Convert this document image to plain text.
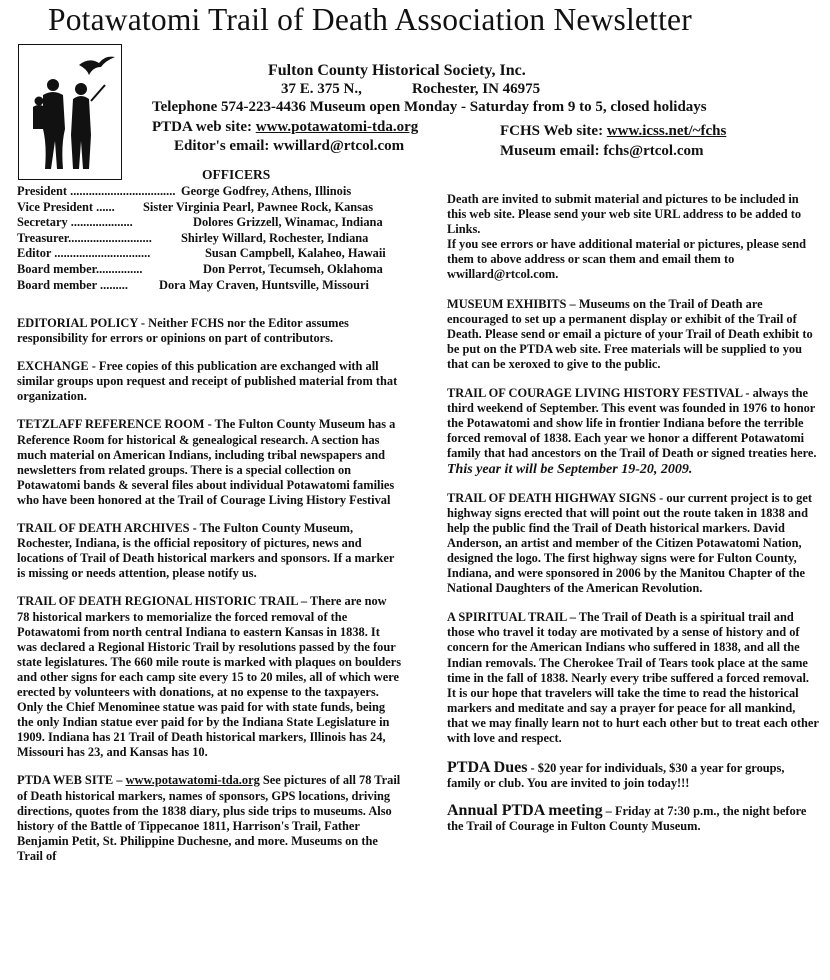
Potawatomi Trail of Death Association Newsletter
Fulton County Historical Society, Inc.
37 E. 375 N.,	Rochester, IN 46975
Telephone 574-223-4436 Museum open Monday - Saturday from 9 to 5, closed holidays
PTDA web site: www.potawatomi-tda.org	FCHS Web site: www.icss.net/~fchs
Editor's email: wwillard@rtcol.com	Museum email: fchs@rtcol.com
OFFICERS
President .................................. George Godfrey, Athens, Illinois
Vice President ......	Sister Virginia Pearl, Pawnee Rock, Kansas
Secretary ....................	Dolores Grizzell, Winamac, Indiana
Treasurer...........................	Shirley Willard, Rochester, Indiana
Editor ...............................	Susan Campbell, Kalaheo, Hawaii
Board member...............	Don Perrot, Tecumseh, Oklahoma
Board member .........	Dora May Craven, Huntsville, Missouri

EDITORIAL POLICY - Neither FCHS nor the Editor assumes responsibility for errors or opinions on part of contributors.

EXCHANGE - Free copies of this publication are exchanged with all similar groups upon request and receipt of published material from that organization.

TETZLAFF REFERENCE ROOM - The Fulton County Museum has a Reference Room for historical & genealogical research. A section has much material on American Indians, including tribal newspapers and newsletters from related groups. There is a special collection on Potawatomi bands & several files about individual Potawatomi families who have been honored at the Trail of Courage Living History Festival

TRAIL OF DEATH ARCHIVES - The Fulton County Museum, Rochester, Indiana, is the official repository of pictures, news and locations of Trail of Death historical markers and sponsors. If a marker is missing or needs attention, please notify us.

TRAIL OF DEATH REGIONAL HISTORIC TRAIL – There are now 78 historical markers to memorialize the forced removal of the Potawatomi from north central Indiana to eastern Kansas in 1838. It was declared a Regional Historic Trail by resolutions passed by the four state legislatures. The 660 mile route is marked with plaques on boulders and other signs for each camp site every 15 to 20 miles, all of which were erected by volunteers with donations, at no expense to the taxpayers. Only the Chief Menominee statue was paid for with state funds, being the only Indian statue ever paid for by the Indiana State Legislature in 1909. Indiana has 21 Trail of Death historical markers, Illinois has 24, Missouri has 23, and Kansas has 10.

PTDA WEB SITE – www.potawatomi-tda.org See pictures of all 78 Trail of Death historical markers, names of sponsors, GPS locations, driving directions, quotes from the 1838 diary, plus side trips to museums. Also history of the Battle of Tippecanoe 1811, Harrison's Trail, Father Benjamin Petit, St. Philippine Duchesne, and more. Museums on the Trail of

Death are invited to submit material and pictures to be included in this web site. Please send your web site URL address to be added to Links.

If you see errors or have additional material or pictures, please send them to above address or scan them and email them to wwillard@rtcol.com.

MUSEUM EXHIBITS – Museums on the Trail of Death are encouraged to set up a permanent display or exhibit of the Trail of Death. Please send or email a picture of your Trail of Death exhibit to be put on the PTDA web site. Free materials will be supplied to you that can be xeroxed to give to the public.

TRAIL OF COURAGE LIVING HISTORY FESTIVAL - always the third weekend of September. This event was founded in 1976 to honor the Potawatomi and show life in frontier Indiana before the terrible forced removal of 1838. Each year we honor a different Potawatomi family that had ancestors on the Trail of Death or signed treaties here.

This year it will be September 19-20, 2009.

TRAIL OF DEATH HIGHWAY SIGNS - our current project is to get highway signs erected that will point out the route taken in 1838 and help the public find the Trail of Death historical markers. David Anderson, an artist and member of the Citizen Potawatomi Nation, designed the logo. The first highway signs were for Fulton County, Indiana, and were sponsored in 2006 by the Manitou Chapter of the National Daughters of the American Revolution.

A SPIRITUAL TRAIL – The Trail of Death is a spiritual trail and those who travel it today are motivated by a sense of history and of concern for the American Indians who suffered in 1838, and all the Indian removals. The Cherokee Trail of Tears took place at the same time in the fall of 1838. Nearly every tribe suffered a forced removal. It is our hope that travelers will take the time to read the historical markers and meditate and say a prayer for peace for all mankind, that we may finally learn not to hurt each other but to treat each other with love and respect.

PTDA Dues - $20 year for individuals, $30 a year for groups, family or club. You are invited to join today!!!

Annual PTDA meeting – Friday at 7:30 p.m., the night before the Trail of Courage in Fulton County Museum.
